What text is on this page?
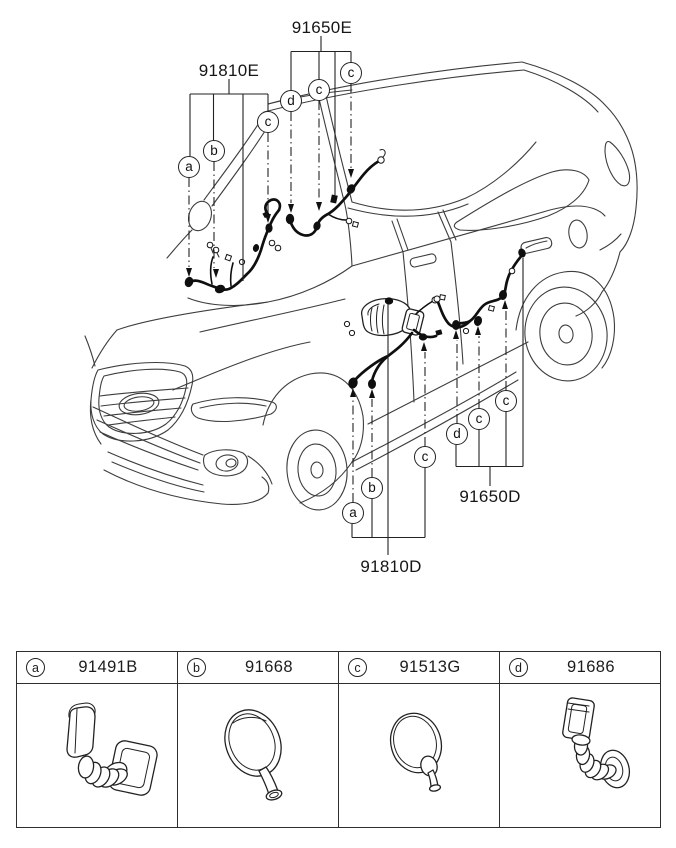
91810E
91650E
91810D
91650D
a
b
c
d
c
c
a
b
c
d
c
c
a	91491B	b	91668	c	91513G	d	91686
